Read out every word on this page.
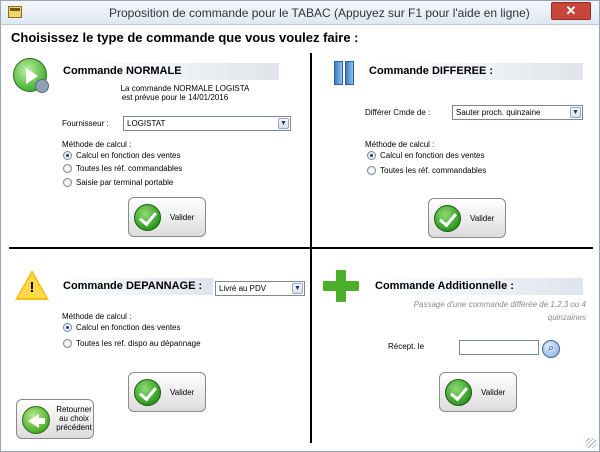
Proposition de commande pour le TABAC (Appuyez sur F1 pour l'aide en ligne)	✕
Choisissez le type de commande que vous voulez faire :
Commande NORMALE
La commande NORMALE LOGISTA
est prévue pour le 14/01/2016
Fournisseur :	LOGISTAT	▼
Méthode de calcul :
Calcul en fonction des ventes
Toutes les réf. commandables
Saisie par terminal portable
Valider
Commande DIFFEREE :
Différer Cmde de :	Sauter proch. quinzaine	▼
Méthode de calcul :
Calcul en fonction des ventes
Toutes les réf. commandables
Valider
!	Commande DEPANNAGE :	Livré au PDV	▼
Méthode de calcul :
Calcul en fonction des ventes
Toutes les ref. dispo au dépannage
Valider
Commande Additionnelle :
Passage d'une commande différée de 1,2,3 ou 4
quinzaines
Récept. le	⌕
Valider
Retourner
au choix
précédent
